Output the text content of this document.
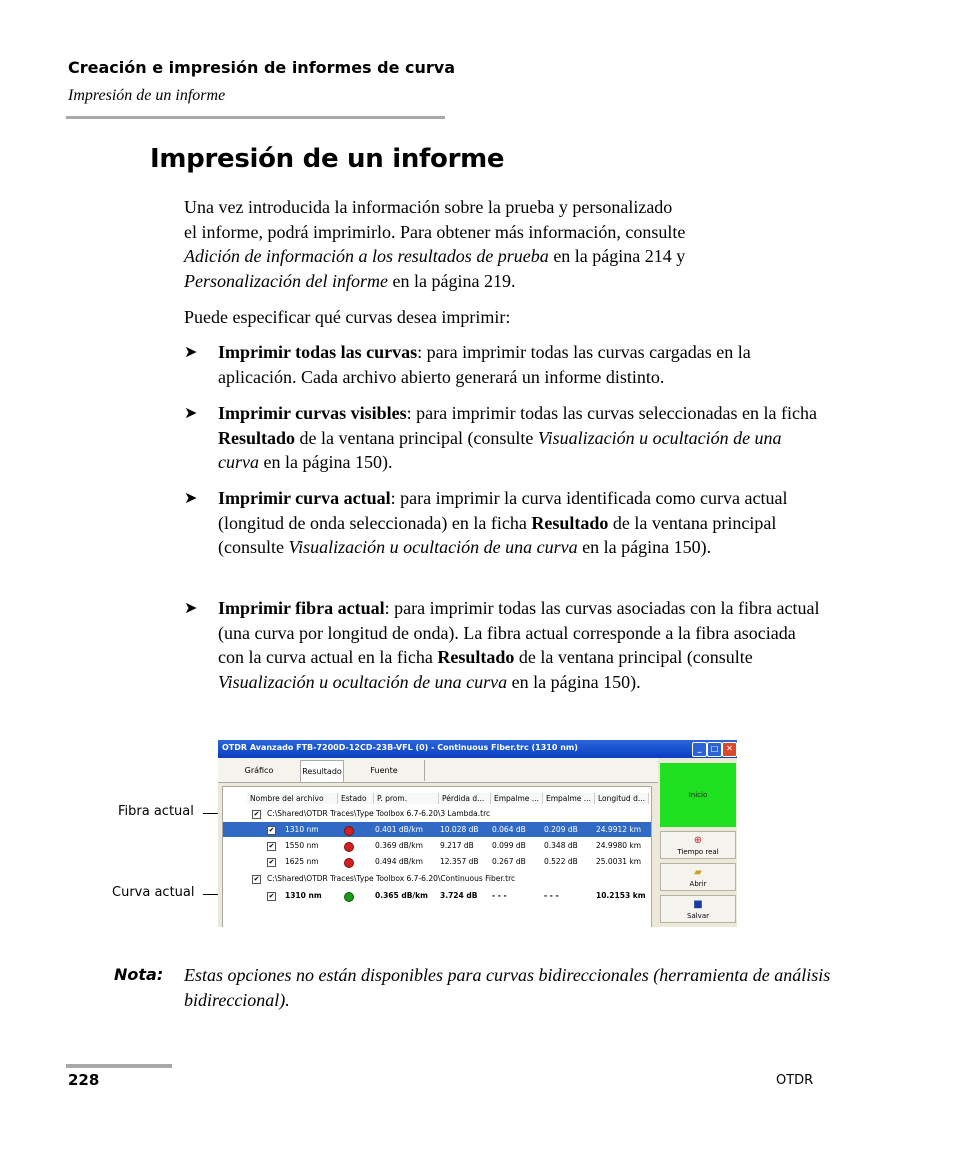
Creación e impresión de informes de curva
Impresión de un informe
Impresión de un informe
Una vez introducida la información sobre la prueba y personalizado
el informe, podrá imprimirlo. Para obtener más información, consulte
Adición de información a los resultados de prueba en la página 214 y
Personalización del informe en la página 219.
Puede especificar qué curvas desea imprimir:
➤ Imprimir todas las curvas: para imprimir todas las curvas cargadas en la aplicación. Cada archivo abierto generará un informe distinto.
➤ Imprimir curvas visibles: para imprimir todas las curvas seleccionadas en la ficha Resultado de la ventana principal (consulte Visualización u ocultación de una curva en la página 150).
➤ Imprimir curva actual: para imprimir la curva identificada como curva actual (longitud de onda seleccionada) en la ficha Resultado de la ventana principal (consulte Visualización u ocultación de una curva en la página 150).
➤ Imprimir fibra actual: para imprimir todas las curvas asociadas con la fibra actual (una curva por longitud de onda). La fibra actual corresponde a la fibra asociada con la curva actual en la ficha Resultado de la ventana principal (consulte Visualización u ocultación de una curva en la página 150).
Fibra actual
Curva actual
OTDR Avanzado FTB-7200D-12CD-23B-VFL (0) - Continuous Fiber.trc (1310 nm)	_	□ ✕
Gráfico	Resultado	Fuente
Nombre del archivo	Estado	P. prom.	Pérdida d...	Empalme ... Empalme ... Longitud d...
✔ C:\Shared\OTDR Traces\Type Toolbox 6.7-6.20\3 Lambda.trc
✔ 1310 nm	0.401 dB/km 10.028 dB 0.064 dB 0.209 dB 24.9912 km
✔ 1550 nm	0.369 dB/km 9.217 dB 0.099 dB 0.348 dB 24.9980 km
✔ 1625 nm	0.494 dB/km 12.357 dB 0.267 dB 0.522 dB 25.0031 km
✔ C:\Shared\OTDR Traces\Type Toolbox 6.7-6.20\Continuous Fiber.trc
✔ 1310 nm	0.365 dB/km 3.724 dB - - -	- - -	10.2153 km
Inicio
⊕
Tiempo real
▰
Abrir
■
Salvar
Nota: Estas opciones no están disponibles para curvas bidireccionales (herramienta de análisis bidireccional).
228	OTDR
